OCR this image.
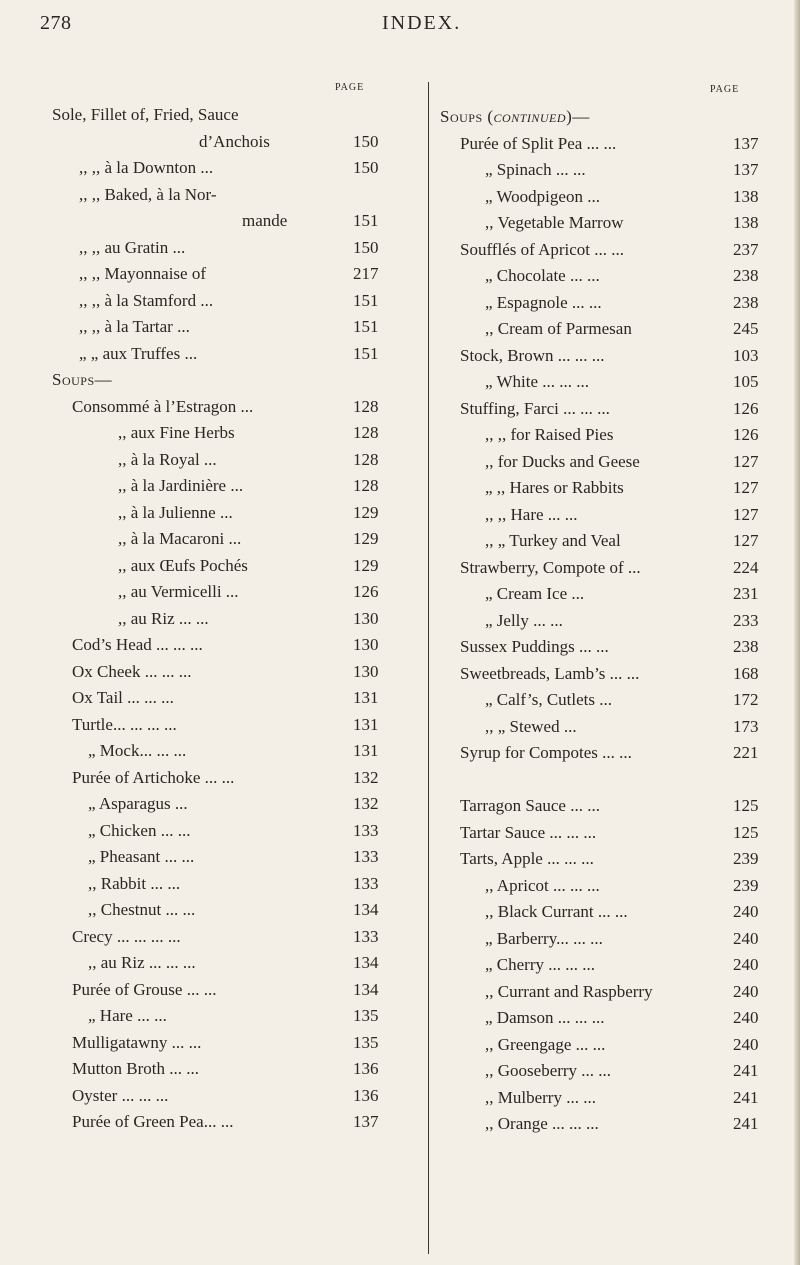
278	INDEX.
PAGE
Sole, Fillet of, Fried, Sauce
d’Anchois	150
,, ,, à la Downton ...	150
,, ,, Baked, à la Nor-
mande	151
,, ,, au Gratin ...	150
,, ,, Mayonnaise of	217
,, ,, à la Stamford ...	151
,, ,, à la Tartar ...	151
„ „ aux Truffes ...	151
Soups—
Consommé à l’Estragon ...	128
,, aux Fine Herbs	128
,, à la Royal ...	128
,, à la Jardinière ...	128
,, à la Julienne ...	129
,, à la Macaroni ...	129
,, aux Œufs Pochés	129
,, au Vermicelli ...	126
,, au Riz ... ...	130
Cod’s Head ... ... ...	130
Ox Cheek ... ... ...	130
Ox Tail ... ... ...	131
Turtle... ... ... ...	131
„ Mock... ... ...	131
Purée of Artichoke ... ...	132
„ Asparagus ...	132
„ Chicken ... ...	133
„ Pheasant ... ...	133
,, Rabbit ... ...	133
,, Chestnut ... ...	134
Crecy ... ... ... ...	133
,, au Riz ... ... ...	134
Purée of Grouse ... ...	134
„ Hare ... ...	135
Mulligatawny ... ...	135
Mutton Broth ... ...	136
Oyster ... ... ...	136
Purée of Green Pea... ...	137
PAGE
Soups (continued)—
Purée of Split Pea ... ...	137
„ Spinach ... ...	137
„ Woodpigeon ...	138
,, Vegetable Marrow	138
Soufflés of Apricot ... ...	237
„ Chocolate ... ...	238
„ Espagnole ... ...	238
,, Cream of Parmesan	245
Stock, Brown ... ... ...	103
„ White ... ... ...	105
Stuffing, Farci ... ... ...	126
,, ,, for Raised Pies	126
,, for Ducks and Geese	127
„ ,, Hares or Rabbits	127
,, ,, Hare ... ...	127
,, „ Turkey and Veal	127
Strawberry, Compote of ...	224
„ Cream Ice ...	231
„ Jelly ... ...	233
Sussex Puddings ... ...	238
Sweetbreads, Lamb’s ... ...	168
„ Calf’s, Cutlets ...	172
,, „ Stewed ...	173
Syrup for Compotes ... ...	221
Tarragon Sauce ... ...	125
Tartar Sauce ... ... ...	125
Tarts, Apple ... ... ...	239
,, Apricot ... ... ...	239
,, Black Currant ... ...	240
„ Barberry... ... ...	240
„ Cherry ... ... ...	240
,, Currant and Raspberry	240
„ Damson ... ... ...	240
,, Greengage ... ...	240
,, Gooseberry ... ...	241
,, Mulberry ... ...	241
,, Orange ... ... ...	241
